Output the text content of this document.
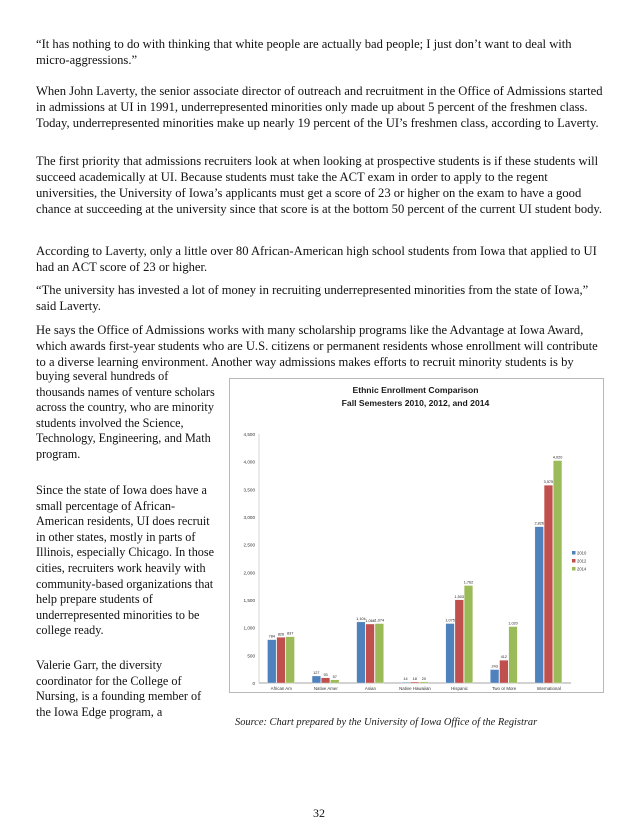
“It has nothing to do with thinking that white people are actually bad people; I just don’t want to deal with micro-aggressions.”

When John Laverty, the senior associate director of outreach and recruitment in the Office of Admissions started in admissions at UI in 1991, underrepresented minorities only made up about 5 percent of the freshmen class. Today, underrepresented minorities make up nearly 19 percent of the UI’s freshmen class, according to Laverty.

The first priority that admissions recruiters look at when looking at prospective students is if these students will succeed academically at UI. Because students must take the ACT exam in order to apply to the regent universities, the University of Iowa’s applicants must get a score of 23 or higher on the exam to have a good chance at succeeding at the university since that score is at the bottom 50 percent of the current UI student body.

According to Laverty, only a little over 80 African-American high school students from Iowa that applied to UI had an ACT score of 23 or higher.

“The university has invested a lot of money in recruiting underrepresented minorities from the state of Iowa,” said Laverty.

He says the Office of Admissions works with many scholarship programs like the Advantage at Iowa Award, which awards first-year students who are U.S. citizens or permanent residents whose enrollment will contribute to a diverse learning environment. Another way admissions makes efforts to recruit minority students is by

buying several hundreds of thousands names of venture scholars across the country, who are minority students involved the Science, Technology, Engineering, and Math program.

Since the state of Iowa does have a small percentage of African-American residents, UI does recruit in other states, mostly in parts of Illinois, especially Chicago. In those cities, recruiters work heavily with community-based organizations that help prepare students of underrepresented minorities to be college ready.

Valerie Garr, the diversity coordinator for the College of Nursing, is a founding member of the Iowa Edge program, a

Ethnic Enrollment Comparison
Fall Semesters 2010, 2012, and 2014
0
500
1,000
1,500
2,000
2,500
3,000
3,500
4,000
4,500
784
826 837
African Am
127 93 57
Native Amer
1,104
1,066 1,074
Asian
14 18 20
Native Hawaiian
1,075
1,503
1,762
Hispanic
243
412
1,020
Two or More
2,826
3,575
4,020
International
2010
2012
2014
Source: Chart prepared by the University of Iowa Office of the Registrar
32
